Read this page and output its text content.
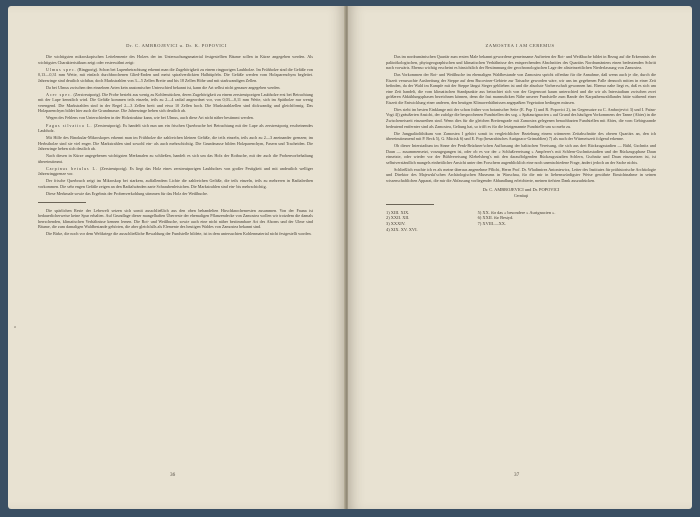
Dr. C. AMBROJEVICI u. Dr. K. POPOVICI

Die wichtigsten mikroskopischen Leitelemente des Holzes der im Untersuchungsmaterial festgestellten Bäume sollen in Kürze angegeben werden. Als wichtigstes Charakteristikum zeigt oder ersterwähnt zeigt:

Ulmus spec. (Ringporig). Schon bei Lupenbetrachtung erkennt man die Zugehörigkeit zu einem ringporigen Laubholze. Im Frühholze sind die Gefäße von 0,13—0,31 mm Weite, mit einfach durchbrochenen Glied-Enden und meist spiralverdickten Halbtüpfeln. Die Gefäße werden vom Holzparenchym begleitet. Jahresringe sind deutlich sichtbar, doch Markstrahlen von 3—5 Zellen Breite und bis 18 Zellen Höhe und mit starkwandigen Zellen.

Da bei Ulmus zwischen den einzelnen Arten kein anatomischer Unterschied bekannt ist, kann die Art selbst nicht genauer angegeben werden.

Acer spec. (Zerstreutporig). Die Probe besteht aus wenig zu Kohlenstücken, deren Zugehörigkeit zu einem zerstreutporigen Laubholze erst bei Betrachtung mit der Lupe kenntlich wird. Die Gefäße kommen teils einzeln, teils zu 2—4 radial angeordnet vor, von 0,03—0,11 mm Weite, sich im Spätholze nur wenig verengend. Die Markstrahlen sind in der Regel 2—3 Zellen breit und etwa 10 Zellen hoch. Die Markstrahlzellen sind dickwandig und gleichförmig. Das Holzparenchym bildet hier auch die Grundmasse. Die Jahresringe heben sich deutlich ab.

Wegen des Fehlens von Unterschieden in der Holzstruktur kann, wie bei Ulmus, auch diese Art nicht näher bestimmt werden.

Fagus silvatica L. (Zerstreutporig). Es handelt sich nun um ein frischen Querbruche bei Betrachtung mit der Lupe als zerstreutporig erscheinendes Laubholz.

Mit Hilfe des Binokular-Mikroskopes erkennt man im Frühholze die zahlreichen kleinen Gefäße, die teils einzeln, teils auch zu 2—3 aneinander grenzen; im Herbstholze sind sie viel enger. Die Markstrahlen sind sowohl ein- als auch mehrschichtig. Die Grundmasse bilden Holzparenchym, Fasern und Tracheiden. Die Jahresringe heben sich deutlich ab.

Nach diesen in Kürze angegebenen wichtigsten Merkmalen zu schließen, handelt es sich um das Holz der Rotbuche, mit der auch die Probenvorbehaltung übereinstimmt.

Carpinus betulus L. (Zerstreutporig). Es liegt das Holz eines zerstreutporigen Laubholzes von großer Festigkeit und mit undeutlich welliger Jahresringgrenze vor.

Der frische Querbruch zeigt im Mikroskop bei starkem, auffallendem Lichte die zahlreichen Gefäße, die teils einzeln, teils zu mehreren in Radialreihen vorkommen. Die sehr engen Gefäße zeigen an den Radialwänden zarte Schraubenleistchen. Die Markstrahlen sind ein- bis mehrschichtig.

Diese Merkmale sowie das Ergebnis der Probenverkohlung stimmen für das Holz der Weißbuche.

Die spärlichen Reste der Lebewelt setzen sich somit ausschließlich aus den oben behandelten Hirschknochenresten zusammen. Von der Fauna ist bedauerlicherweise keine Spur erhalten. Auf Grundlage dieser mangelhaften Überreste der ehemaligen Pflanzendecke von Zamostea wollen wir trotzdem die damals herrschenden, klimatischen Verhältnisse kennen lernen. Die Rot- und Weißbuche, sowie auch eine nicht näher bestimmbare Art des Ahorns und der Ulme sind Bäume, die zum damaligen Waldbestande gehörten, die aber gleichfalls als Elemente des heutigen Waldes von Zamostea bekannt sind.

Die Birke, die noch vor dem Weltkriege die ausschließliche Bewaldung der Fundstelle bildete, ist in dem untersuchten Kohlenmaterial nicht festgestellt worden.

a
36
ZAMOSTEA I AM CEREMUS

Das im nordrumänischen Quartär zum ersten Male bekannt gewordene gemeinsame Auftreten der Rot- und Weißbuche bildet in Bezug auf die Erkenntnis der paläoökologischen, phytogeographischen und klimatischen Verhältnisse des entsprechenden Abschnittes des Quartärs Nordrumäniens einen bedeutenden Schritt nach vorwärts. Ebenso wichtig erscheint es hinsichtlich der Bestimmung der geochronologischen Lage der altsteinzeitlichen Niederlassung von Zamostea.

Das Vorkommen der Rot- und Weißbuche im ehemaligen Waldbestande von Zamostea spricht offenbar für die Annahme, daß wenn auch je die, durch die Eiszeit verursachte Ausbreitung der Steppe auf dem Bucoviner-Gebiete zur Tatsache geworden wäre, wir uns im gegebenen Falle dennoch mitten in einer Zeit befinden, da der Wald im Kampfe mit der Steppe längst Sieger geblieben ist und die absolute Vorherrschaft gewonnen hat. Ebenso nahe liegt es, daß es sich um eine Zeit handelt, die vom klimatischen Standpunkte aus betrachtet sich von der Gegenwart kaum unterschied und die wir als Interstadium zwischen zwei größeren Abkühlungsphasen bezeichnen können, denn die fast mannsdicken Nähe unserer Fundstelle zum Rande der Karpathenwaldlandes hätte während einer Eiszeit die Entwicklung einer anderen, den heutigen Klimaverhältnissen angepaßten Vegetation bedingen müssen.

Dies steht im besten Einklange mit der schon früher von botanischer Seite (E. Pop 1) und R. Popovici 2), im Gegensatze zu C. Ambrojevici 3) und I. Paina-Vogt 4)) geäußerten Ansicht, der zufolge die besprochenen Fundstellen des sog. « Spätaurignacien » auf Grund des häufigen Vorkommens der Tanne (Abies) in die Zwischeneiszeit einzureihen sind. Wenn dies für die gleichen Breitengrade mit Zamostea gelegenen benachbarten Fundstellen mit Abies, die vom Gebirgsrande bedeutend entfernter sind als Zamostea, Geltung hat, so trifft es für die letztgenannte Fundstelle um so mehr zu.

Die Jungpaläolithikum von Zamostea I gehört somit in vergleichlicher Beziehung einem wärmeren Zeitabschnitte des oberen Quartärs an, den ich übereinstimmend mit P. Beck 5), G. Mücisk 6) und E. Pop (besarabisches Aurignaco-Grimaldien) 7) als nach der Würmeiszeit folgend erkenne.

Ob dieser Interstadium im Sinne der Penk-Brückner'schen Auffassung der baltischen Vereisung, die sich aus drei Rückzugsstadien — Bühl, Gschnitz und Daun — zusammensetzt, vorzugegangen ist, oder ob es vor der « Schlußvereisung » Ampferer's mit Schlern-Gschnitzstadien und der Rückzugsphase Daun einsetzte, oder wieder vor der Bühlvereisung Klebelsberg's mit den darauffolgenden Rückzugsstadien Schlern, Gschnitz und Daun einzusetzen ist, ist selbstverständlich mangels einheitlicher Ansicht unter den Forschern augenblicklich eine noch unentschiedene Frage, ändert jedoch an der Sache nichts.

Schließlich erachte ich es als meine überaus angenehme Pflicht, Herrn Prof. Dr. Wladimirez Antoniewicz, Leiter des Institutes für prähistorische Archäologie und Direktor des Majewski'schen Archäologischen Museums in Warschau, für die mir in liebenswürdigster Weise gewährte Einsichtnahme in seinen wissenschaftlichen Apparat, die mir die Abfassung vorliegender Abhandlung erleichterte, meinen tiefsten Dank auszudrücken.

Dr. C. AMBROJEVICI und Dr. POPOVICI
Cernăuţi
1) XIII. XIX.
2) XXII. XII.
3) XXXIV.
4) XIX. XV. XVI.
5) XX. für das « besondere » Aurignacien ».
6) XXII. für Bestyd.
7) XVIII.—XX.
37
